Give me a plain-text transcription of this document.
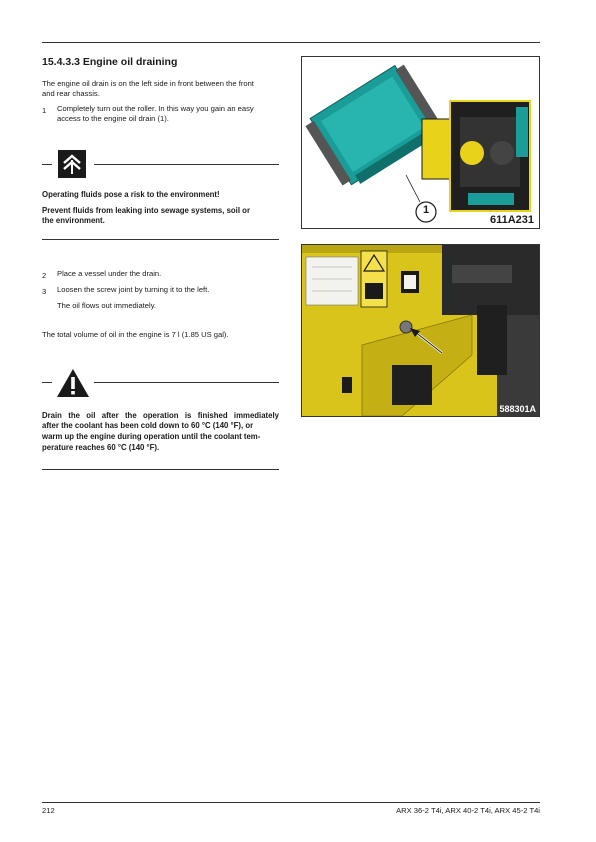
15.4.3.3 Engine oil draining
The engine oil drain is on the left side in front between the front
and rear chassis.
1 Completely turn out the roller. In this way you gain an easy
access to the engine oil drain (1).
Operating fluids pose a risk to the environment!
Prevent fluids from leaking into sewage systems, soil or
the environment.
2 Place a vessel under the drain.
3 Loosen the screw joint by turning it to the left.
The oil flows out immediately.
The total volume of oil in the engine is 7 l (1.85 US gal).
Drain the oil after the operation is finished immediately
after the coolant has been cold down to 60 °C (140 °F), or
warm up the engine during operation until the coolant tem-
perature reaches 60 °C (140 °F).
1
611A231
588301A
212	ARX 36-2 T4i, ARX 40-2 T4i, ARX 45-2 T4i
